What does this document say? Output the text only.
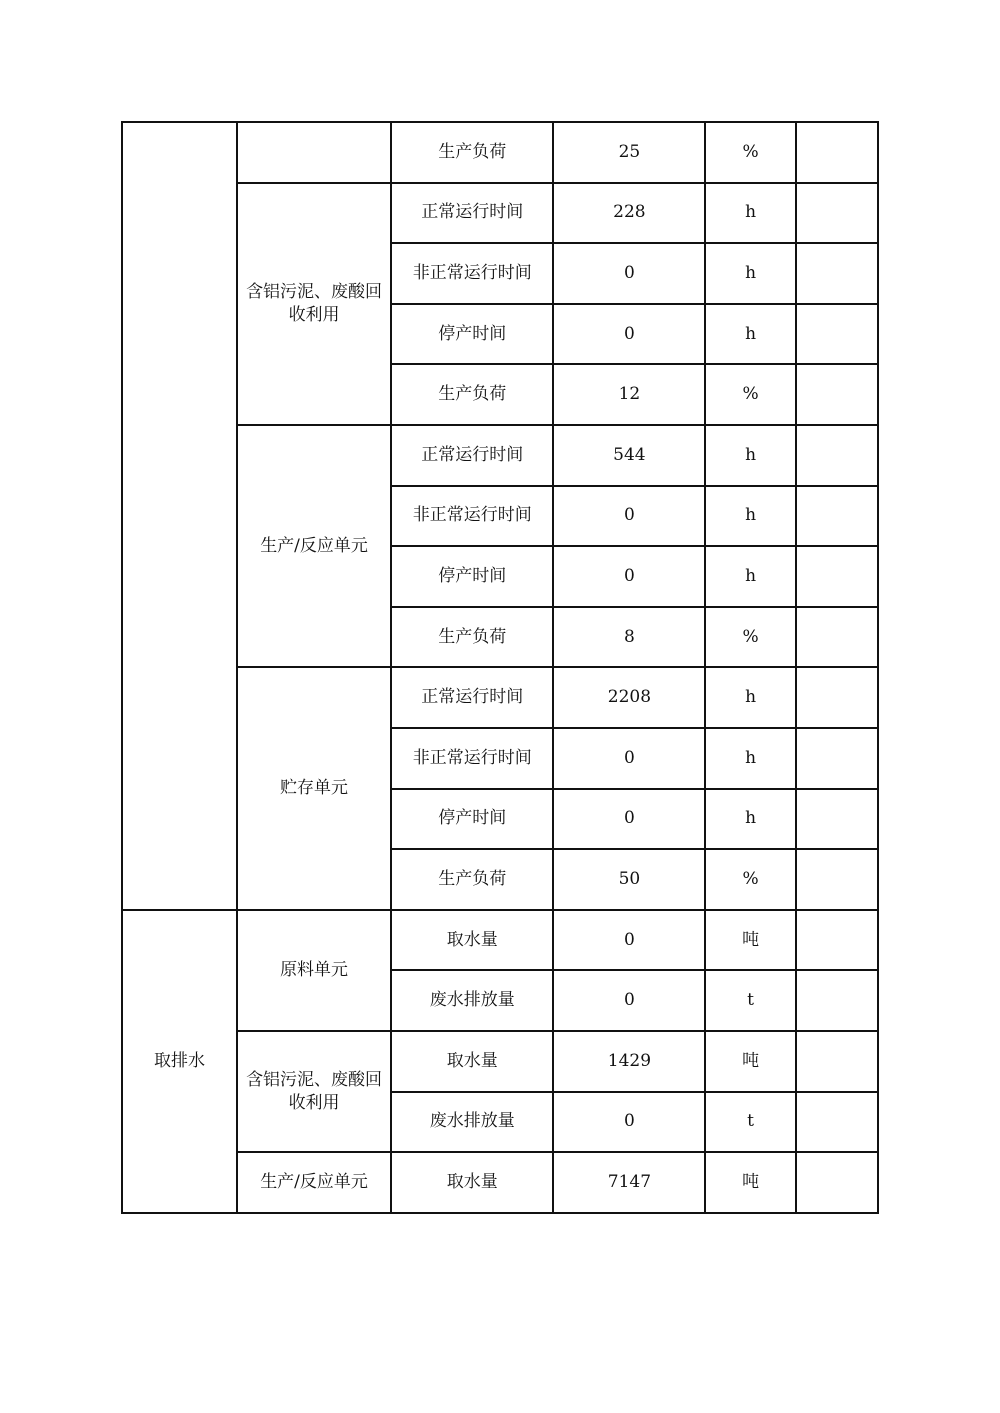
		生产负荷	25	%	
	含铝污泥、废酸回收利用	正常运行时间	228	h	
		非正常运行时间	0	h	
		停产时间	0	h	
		生产负荷	12	%	
	生产/反应单元	正常运行时间	544	h	
		非正常运行时间	0	h	
		停产时间	0	h	
		生产负荷	8	%	
	贮存单元	正常运行时间	2208	h	
		非正常运行时间	0	h	
		停产时间	0	h	
		生产负荷	50	%	
取排水	原料单元	取水量	0	吨	
		废水排放量	0	t	
	含铝污泥、废酸回收利用	取水量	1429	吨	
		废水排放量	0	t	
	生产/反应单元	取水量	7147	吨	
